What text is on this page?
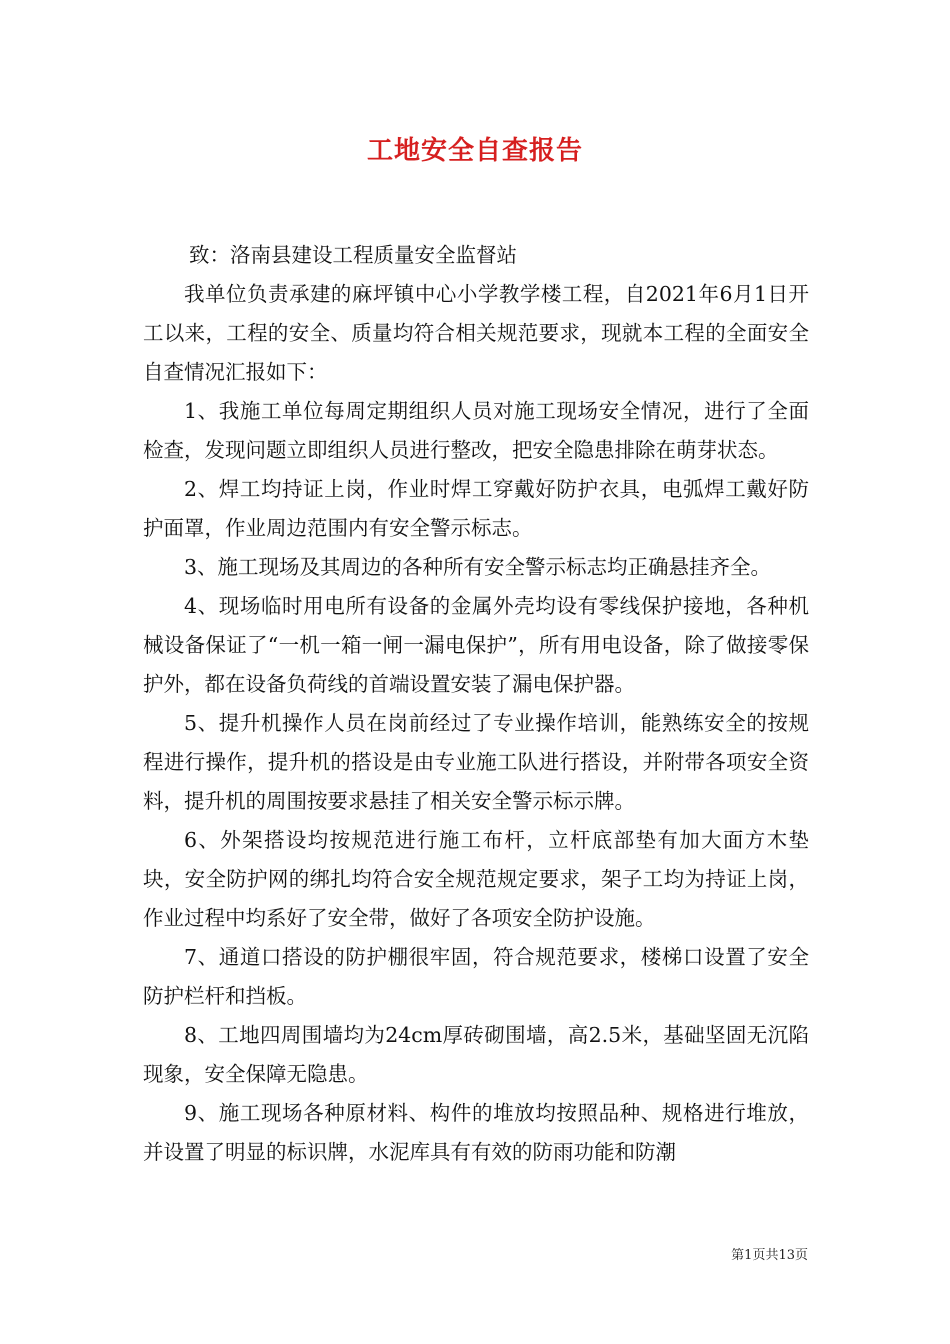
工地安全自查报告

致：洛南县建设工程质量安全监督站

我单位负责承建的麻坪镇中心小学教学楼工程，自2021年6月1日开工以来，工程的安全、质量均符合相关规范要求，现就本工程的全面安全自查情况汇报如下：

1、我施工单位每周定期组织人员对施工现场安全情况，进行了全面检查，发现问题立即组织人员进行整改，把安全隐患排除在萌芽状态。

2、焊工均持证上岗，作业时焊工穿戴好防护衣具，电弧焊工戴好防护面罩，作业周边范围内有安全警示标志。

3、施工现场及其周边的各种所有安全警示标志均正确悬挂齐全。

4、现场临时用电所有设备的金属外壳均设有零线保护接地，各种机械设备保证了“一机一箱一闸一漏电保护”，所有用电设备，除了做接零保护外，都在设备负荷线的首端设置安装了漏电保护器。

5、提升机操作人员在岗前经过了专业操作培训，能熟练安全的按规程进行操作，提升机的搭设是由专业施工队进行搭设，并附带各项安全资料，提升机的周围按要求悬挂了相关安全警示标示牌。

6、外架搭设均按规范进行施工布杆，立杆底部垫有加大面方木垫块，安全防护网的绑扎均符合安全规范规定要求，架子工均为持证上岗，作业过程中均系好了安全带，做好了各项安全防护设施。

7、通道口搭设的防护棚很牢固，符合规范要求，楼梯口设置了安全防护栏杆和挡板。

8、工地四周围墙均为24cm厚砖砌围墙，高2.5米，基础坚固无沉陷现象，安全保障无隐患。

9、施工现场各种原材料、构件的堆放均按照品种、规格进行堆放，并设置了明显的标识牌，水泥库具有有效的防雨功能和防潮

第1页共13页
